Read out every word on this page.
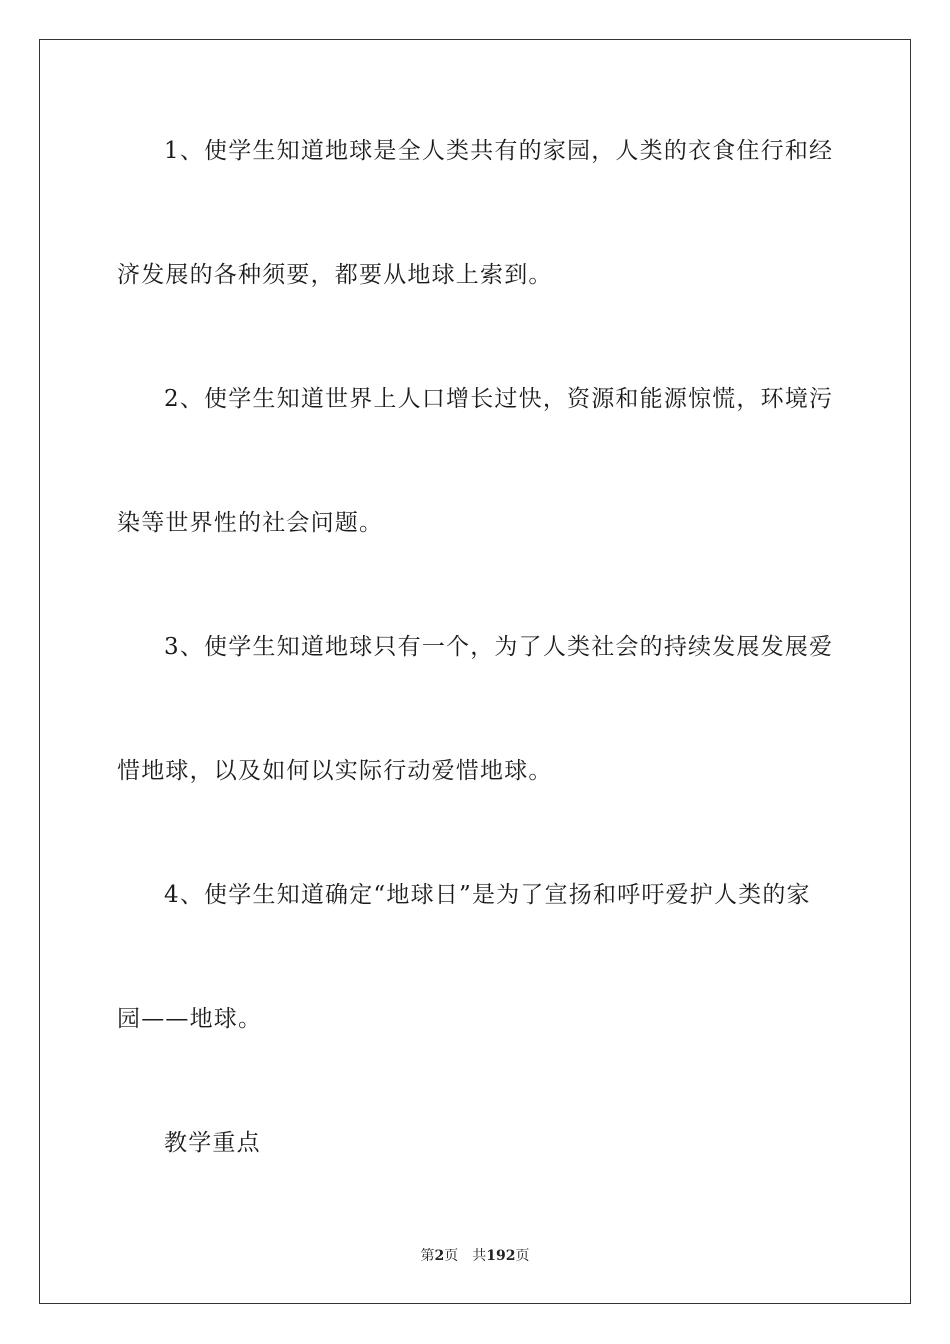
1、使学生知道地球是全人类共有的家园，人类的衣食住行和经
济发展的各种须要，都要从地球上索到。
2、使学生知道世界上人口增长过快，资源和能源惊慌，环境污
染等世界性的社会问题。
3、使学生知道地球只有一个，为了人类社会的持续发展发展爱
惜地球，以及如何以实际行动爱惜地球。
4、使学生知道确定“地球日”是为了宣扬和呼吁爱护人类的家
园——地球。
教学重点
第2页 共192页
